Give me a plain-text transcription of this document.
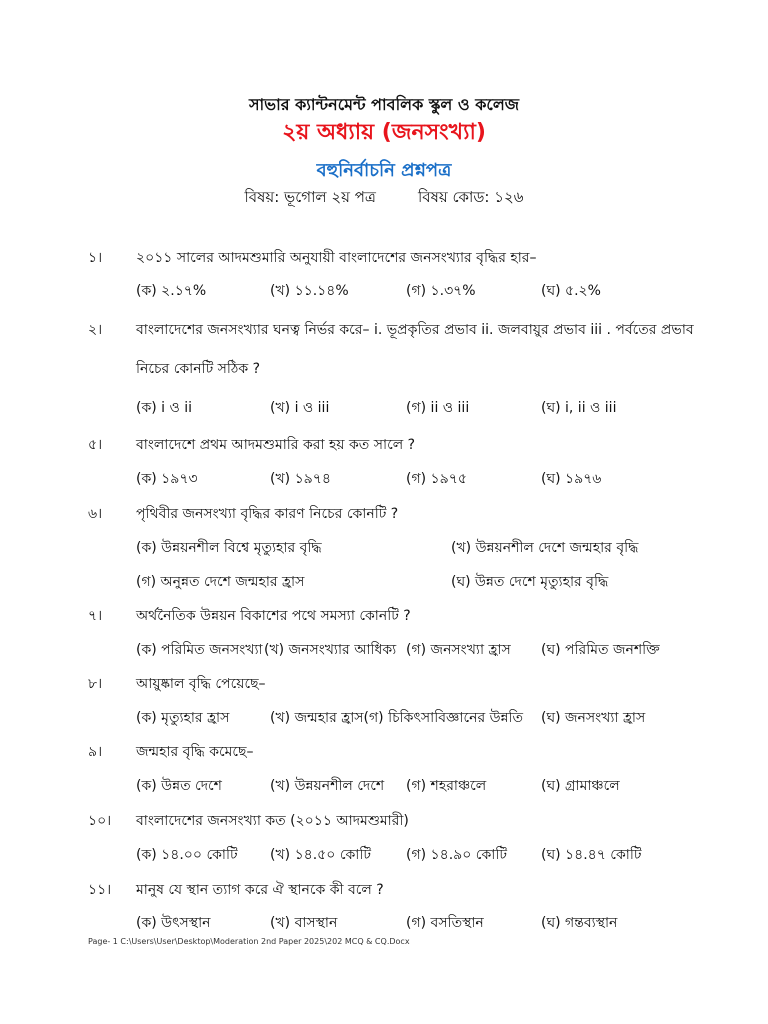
সাভার ক্যান্টনমেন্ট পাবলিক স্কুল ও কলেজ
২য় অধ্যায় (জনসংখ্যা)
বহুনির্বাচনি প্রশ্নপত্র
বিষয়: ভূগোল ২য় পত্র	বিষয় কোড: ১২৬
১।	২০১১ সালের আদমশুমারি অনুযায়ী বাংলাদেশের জনসংখ্যার বৃদ্ধির হার–
(ক) ২.১৭%	(খ) ১১.১৪%	(গ) ১.৩৭%	(ঘ) ৫.২%
২।	বাংলাদেশের জনসংখ্যার ঘনত্ব নির্ভর করে– i. ভূপ্রকৃতির প্রভাব ii. জলবায়ুর প্রভাব iii . পর্বতের প্রভাব
নিচের কোনটি সঠিক ?
(ক) i ও ii	(খ) i ও iii	(গ) ii ও iii	(ঘ) i, ii ও iii
৫।	বাংলাদেশে প্রথম আদমশুমারি করা হয় কত সালে ?
(ক) ১৯৭৩	(খ) ১৯৭৪	(গ) ১৯৭৫	(ঘ) ১৯৭৬
৬।	পৃথিবীর জনসংখ্যা বৃদ্ধির কারণ নিচের কোনটি ?
(ক) উন্নয়নশীল বিশ্বে মৃত্যুহার বৃদ্ধি	(খ) উন্নয়নশীল দেশে জন্মহার বৃদ্ধি
(গ) অনুন্নত দেশে জন্মহার হ্রাস	(ঘ) উন্নত দেশে মৃত্যুহার বৃদ্ধি
৭।	অর্থনৈতিক উন্নয়ন বিকাশের পথে সমস্যা কোনটি ?
(ক) পরিমিত জনসংখ্যা (খ) জনসংখ্যার আধিক্য (গ) জনসংখ্যা হ্রাস (ঘ) পরিমিত জনশক্তি
৮।	আয়ুষ্কাল বৃদ্ধি পেয়েছে–
(ক) মৃত্যুহার হ্রাস	(খ) জন্মহার হ্রাস(গ) চিকিৎসাবিজ্ঞানের উন্নতি (ঘ) জনসংখ্যা হ্রাস
৯।	জন্মহার বৃদ্ধি কমেছে–
(ক) উন্নত দেশে	(খ) উন্নয়নশীল দেশে (গ) শহরাঞ্চলে	(ঘ) গ্রামাঞ্চলে
১০।	বাংলাদেশের জনসংখ্যা কত (২০১১ আদমশুমারী)
(ক) ১৪.০০ কোটি (খ) ১৪.৫০ কোটি	(গ) ১৪.৯০ কোটি (ঘ) ১৪.৪৭ কোটি
১১।	মানুষ যে স্থান ত্যাগ করে ঐ স্থানকে কী বলে ?
(ক) উৎসস্থান	(খ) বাসস্থান	(গ) বসতিস্থান	(ঘ) গন্তব্যস্থান
Page- 1 C:\Users\User\Desktop\Moderation 2nd Paper 2025\202 MCQ & CQ.Docx
